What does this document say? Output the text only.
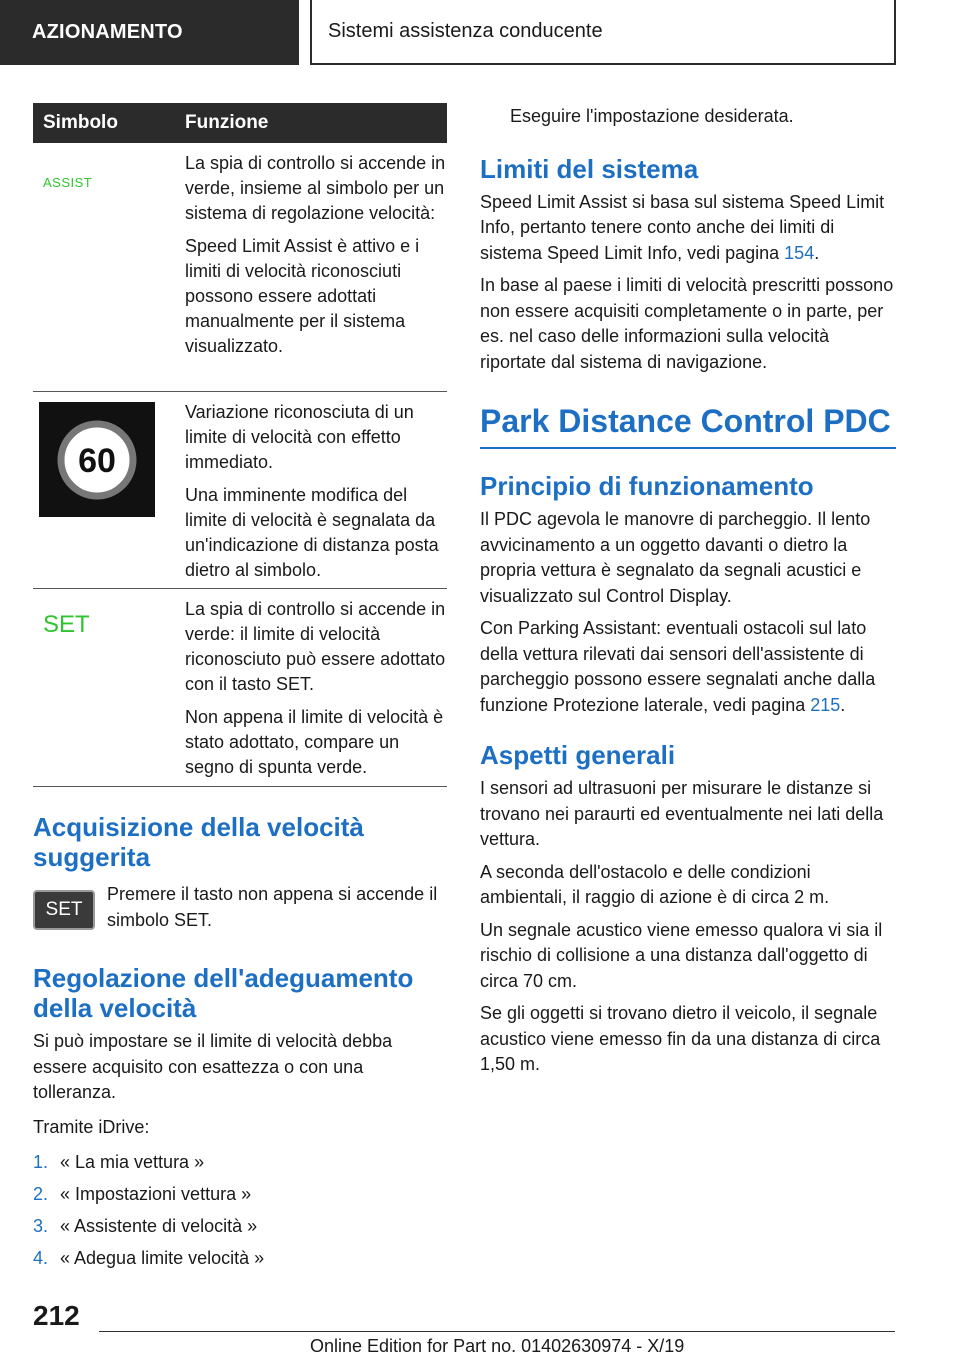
AZIONAMENTO	Sistemi assistenza conducente
Simbolo	Funzione
ASSIST

La spia di controllo si accende in verde, insieme al simbolo per un sistema di regolazione velocità:

Speed Limit Assist è attivo e i limiti di velocità riconosciuti possono essere adottati manualmente per il sistema visualizzato.

60

Variazione riconosciuta di un limite di velocità con effetto immediato.

Una imminente modifica del limite di velocità è segnalata da un'indicazione di distanza posta dietro al simbolo.

SET

La spia di controllo si accende in verde: il limite di velocità riconosciuto può essere adottato con il tasto SET.

Non appena il limite di velocità è stato adottato, compare un segno di spunta verde.

Acquisizione della velocità suggerita
SET

Premere il tasto non appena si accende il simbolo SET.

Regolazione dell'adeguamento della velocità

Si può impostare se il limite di velocità debba essere acquisito con esattezza o con una tolleranza.

Tramite iDrive:

1. « La mia vettura »
2. « Impostazioni vettura »
3. « Assistente di velocità »
4. « Adegua limite velocità »

Eseguire l'impostazione desiderata.

Limiti del sistema

Speed Limit Assist si basa sul sistema Speed Limit Info, pertanto tenere conto anche dei limiti di sistema Speed Limit Info, vedi pagina 154.

In base al paese i limiti di velocità prescritti possono non essere acquisiti completamente o in parte, per es. nel caso delle informazioni sulla velocità riportate dal sistema di navigazione.

Park Distance Control PDC
Principio di funzionamento

Il PDC agevola le manovre di parcheggio. Il lento avvicinamento a un oggetto davanti o dietro la propria vettura è segnalato da segnali acustici e visualizzato sul Control Display.

Con Parking Assistant: eventuali ostacoli sul lato della vettura rilevati dai sensori dell'assistente di parcheggio possono essere segnalati anche dalla funzione Protezione laterale, vedi pagina 215.

Aspetti generali

I sensori ad ultrasuoni per misurare le distanze si trovano nei paraurti ed eventualmente nei lati della vettura.

A seconda dell'ostacolo e delle condizioni ambientali, il raggio di azione è di circa 2 m.

Un segnale acustico viene emesso qualora vi sia il rischio di collisione a una distanza dall'oggetto di circa 70 cm.

Se gli oggetti si trovano dietro il veicolo, il segnale acustico viene emesso fin da una distanza di circa 1,50 m.

212
Online Edition for Part no. 01402630974 - X/19
